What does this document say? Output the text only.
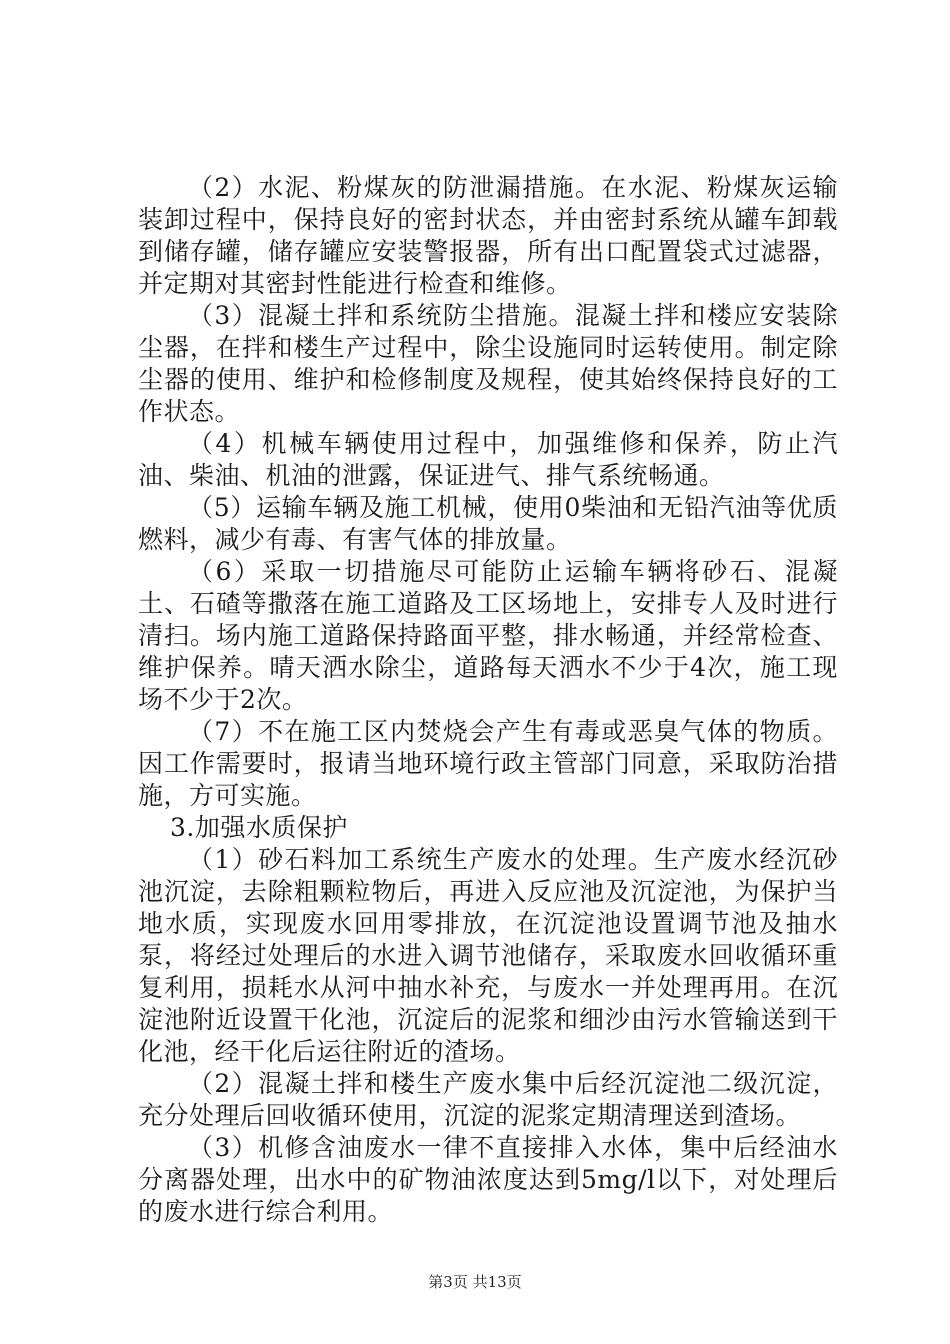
（2）水泥、粉煤灰的防泄漏措施。在水泥、粉煤灰运输装卸过程中，保持良好的密封状态，并由密封系统从罐车卸载到储存罐，储存罐应安装警报器，所有出口配置袋式过滤器，并定期对其密封性能进行检查和维修。

（3）混凝土拌和系统防尘措施。混凝土拌和楼应安装除尘器，在拌和楼生产过程中，除尘设施同时运转使用。制定除尘器的使用、维护和检修制度及规程，使其始终保持良好的工作状态。

（4）机械车辆使用过程中，加强维修和保养，防止汽油、柴油、机油的泄露，保证进气、排气系统畅通。

（5）运输车辆及施工机械，使用0柴油和无铅汽油等优质燃料，减少有毒、有害气体的排放量。

（6）采取一切措施尽可能防止运输车辆将砂石、混凝土、石碴等撒落在施工道路及工区场地上，安排专人及时进行清扫。场内施工道路保持路面平整，排水畅通，并经常检查、维护保养。晴天洒水除尘，道路每天洒水不少于4次，施工现场不少于2次。

（7）不在施工区内焚烧会产生有毒或恶臭气体的物质。因工作需要时，报请当地环境行政主管部门同意，采取防治措施，方可实施。

3.加强水质保护

（1）砂石料加工系统生产废水的处理。生产废水经沉砂池沉淀，去除粗颗粒物后，再进入反应池及沉淀池，为保护当地水质，实现废水回用零排放，在沉淀池设置调节池及抽水泵，将经过处理后的水进入调节池储存，采取废水回收循环重复利用，损耗水从河中抽水补充，与废水一并处理再用。在沉淀池附近设置干化池，沉淀后的泥浆和细沙由污水管输送到干化池，经干化后运往附近的渣场。

（2）混凝土拌和楼生产废水集中后经沉淀池二级沉淀，充分处理后回收循环使用，沉淀的泥浆定期清理送到渣场。

（3）机修含油废水一律不直接排入水体，集中后经油水分离器处理，出水中的矿物油浓度达到5mg/l以下，对处理后的废水进行综合利用。

第3页 共13页
